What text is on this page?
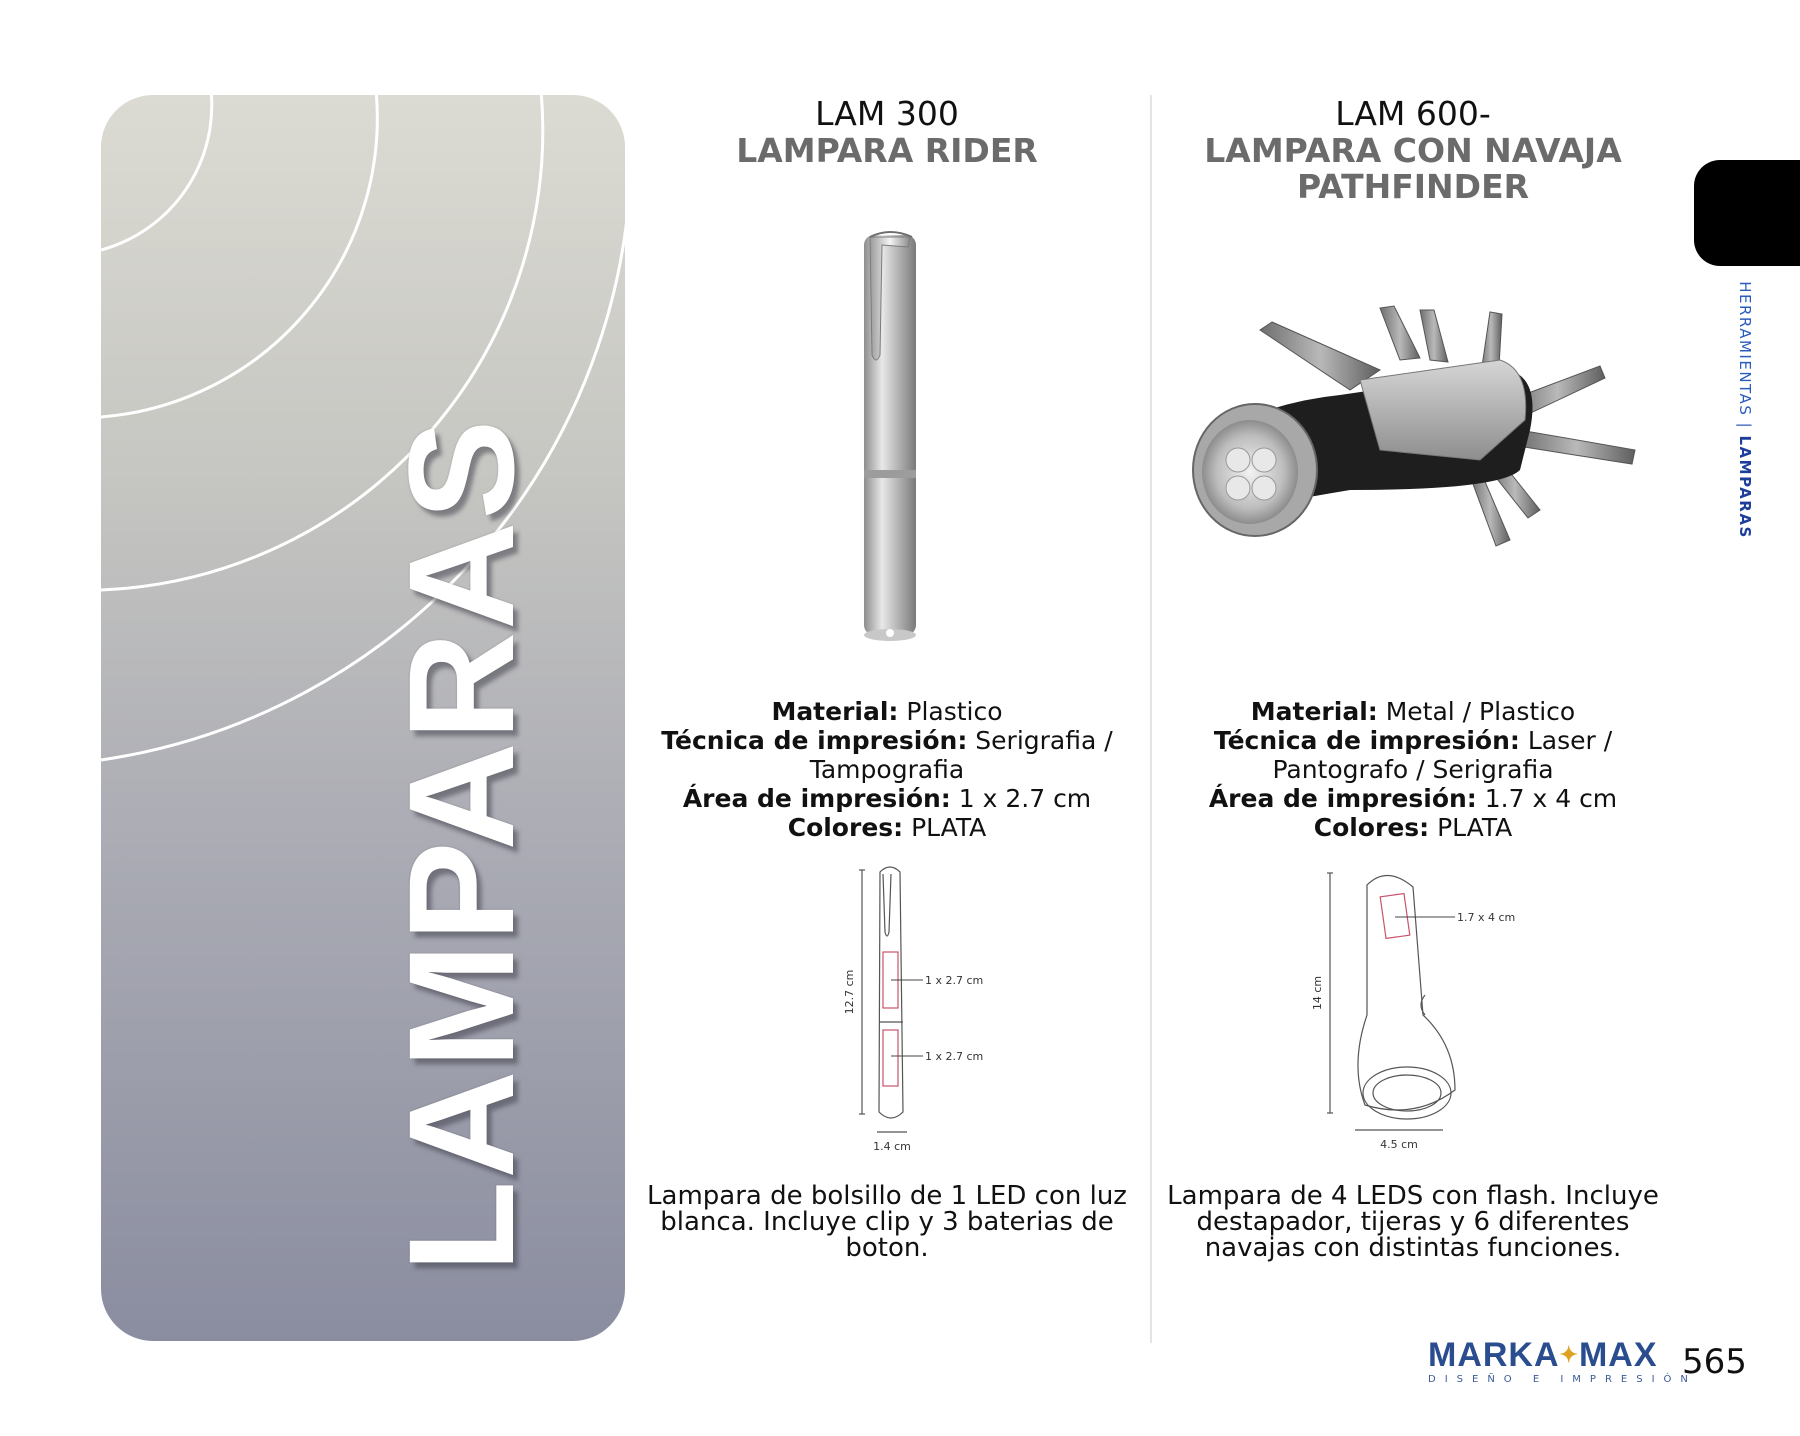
LAMPARAS
LAM 300
LAMPARA RIDER
Material: Plastico
Técnica de impresión: Serigrafia / Tampografia
Área de impresión: 1 x 2.7 cm
Colores: PLATA
1 x 2.7 cm
1 x 2.7 cm
12.7 cm
1.4 cm
Lampara de bolsillo de 1 LED con luz blanca. Incluye clip y 3 baterias de boton.
LAM 600-
LAMPARA CON NAVAJA PATHFINDER
Material: Metal / Plastico
Técnica de impresión: Laser / Pantografo / Serigrafia
Área de impresión: 1.7 x 4 cm
Colores: PLATA
1.7 x 4 cm
14 cm
4.5 cm
Lampara de 4 LEDS con flash. Incluye destapador, tijeras y 6 diferentes navajas con distintas funciones.
HERRAMIENTAS | LAMPARAS
MARKA✦MAX
DISEÑO E IMPRESIÓN
565
